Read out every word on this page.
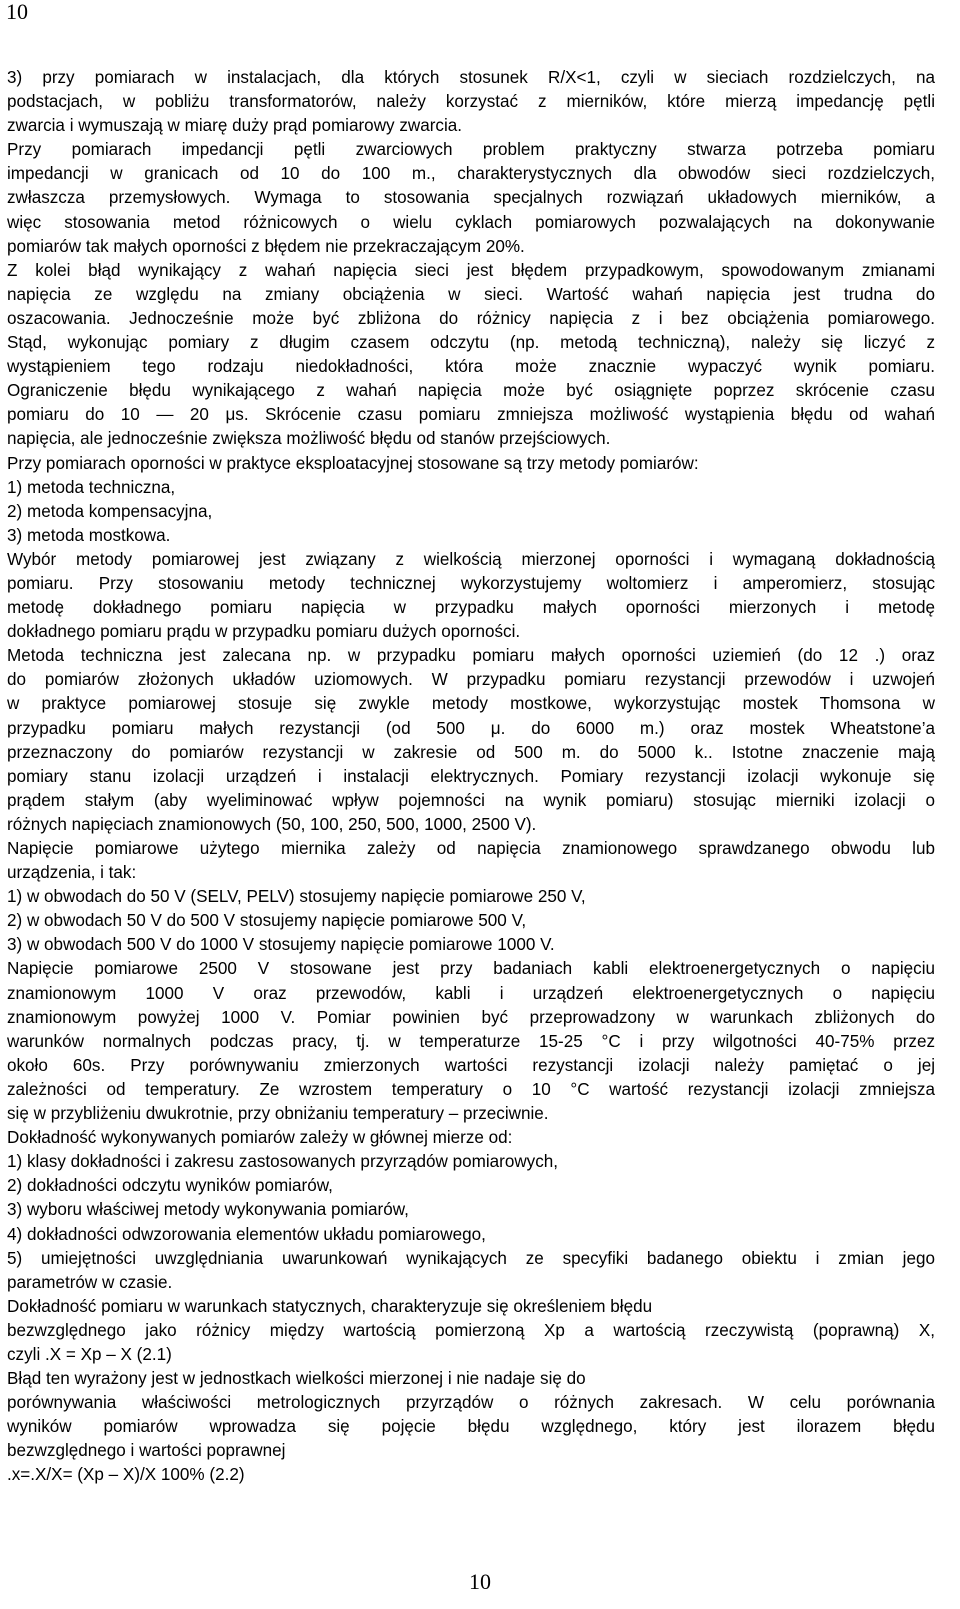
10
3) przy pomiarach w instalacjach, dla których stosunek R/X<1, czyli w sieciach rozdzielczych, na
podstacjach, w pobliżu transformatorów, należy korzystać z mierników, które mierzą impedancję pętli
zwarcia i wymuszają w miarę duży prąd pomiarowy zwarcia.
Przy pomiarach impedancji pętli zwarciowych problem praktyczny stwarza potrzeba pomiaru
impedancji w granicach od 10 do 100 m., charakterystycznych dla obwodów sieci rozdzielczych,
zwłaszcza przemysłowych. Wymaga to stosowania specjalnych rozwiązań układowych mierników, a
więc stosowania metod różnicowych o wielu cyklach pomiarowych pozwalających na dokonywanie
pomiarów tak małych oporności z błędem nie przekraczającym 20%.
Z kolei błąd wynikający z wahań napięcia sieci jest błędem przypadkowym, spowodowanym zmianami
napięcia ze względu na zmiany obciążenia w sieci. Wartość wahań napięcia jest trudna do
oszacowania. Jednocześnie może być zbliżona do różnicy napięcia z i bez obciążenia pomiarowego.
Stąd, wykonując pomiary z długim czasem odczytu (np. metodą techniczną), należy się liczyć z
wystąpieniem tego rodzaju niedokładności, która może znacznie wypaczyć wynik pomiaru.
Ograniczenie błędu wynikającego z wahań napięcia może być osiągnięte poprzez skrócenie czasu
pomiaru do 10 — 20 μs. Skrócenie czasu pomiaru zmniejsza możliwość wystąpienia błędu od wahań
napięcia, ale jednocześnie zwiększa możliwość błędu od stanów przejściowych.
Przy pomiarach oporności w praktyce eksploatacyjnej stosowane są trzy metody pomiarów:
1) metoda techniczna,
2) metoda kompensacyjna,
3) metoda mostkowa.
Wybór metody pomiarowej jest związany z wielkością mierzonej oporności i wymaganą dokładnością
pomiaru. Przy stosowaniu metody technicznej wykorzystujemy woltomierz i amperomierz, stosując
metodę dokładnego pomiaru napięcia w przypadku małych oporności mierzonych i metodę
dokładnego pomiaru prądu w przypadku pomiaru dużych oporności.
Metoda techniczna jest zalecana np. w przypadku pomiaru małych oporności uziemień (do 12 .) oraz
do pomiarów złożonych układów uziomowych. W przypadku pomiaru rezystancji przewodów i uzwojeń
w praktyce pomiarowej stosuje się zwykle metody mostkowe, wykorzystując mostek Thomsona w
przypadku pomiaru małych rezystancji (od 500 μ. do 6000 m.) oraz mostek Wheatstone’a
przeznaczony do pomiarów rezystancji w zakresie od 500 m. do 5000 k.. Istotne znaczenie mają
pomiary stanu izolacji urządzeń i instalacji elektrycznych. Pomiary rezystancji izolacji wykonuje się
prądem stałym (aby wyeliminować wpływ pojemności na wynik pomiaru) stosując mierniki izolacji o
różnych napięciach znamionowych (50, 100, 250, 500, 1000, 2500 V).
Napięcie pomiarowe użytego miernika zależy od napięcia znamionowego sprawdzanego obwodu lub
urządzenia, i tak:
1) w obwodach do 50 V (SELV, PELV) stosujemy napięcie pomiarowe 250 V,
2) w obwodach 50 V do 500 V stosujemy napięcie pomiarowe 500 V,
3) w obwodach 500 V do 1000 V stosujemy napięcie pomiarowe 1000 V.
Napięcie pomiarowe 2500 V stosowane jest przy badaniach kabli elektroenergetycznych o napięciu
znamionowym 1000 V oraz przewodów, kabli i urządzeń elektroenergetycznych o napięciu
znamionowym powyżej 1000 V. Pomiar powinien być przeprowadzony w warunkach zbliżonych do
warunków normalnych podczas pracy, tj. w temperaturze 15-25 °C i przy wilgotności 40-75% przez
około 60s. Przy porównywaniu zmierzonych wartości rezystancji izolacji należy pamiętać o jej
zależności od temperatury. Ze wzrostem temperatury o 10 °C wartość rezystancji izolacji zmniejsza
się w przybliżeniu dwukrotnie, przy obniżaniu temperatury – przeciwnie.
Dokładność wykonywanych pomiarów zależy w głównej mierze od:
1) klasy dokładności i zakresu zastosowanych przyrządów pomiarowych,
2) dokładności odczytu wyników pomiarów,
3) wyboru właściwej metody wykonywania pomiarów,
4) dokładności odwzorowania elementów układu pomiarowego,
5) umiejętności uwzględniania uwarunkowań wynikających ze specyfiki badanego obiektu i zmian jego
parametrów w czasie.
Dokładność pomiaru w warunkach statycznych, charakteryzuje się określeniem błędu
bezwzględnego jako różnicy między wartością pomierzoną Xp a wartością rzeczywistą (poprawną) X,
czyli .X = Xp – X (2.1)
Błąd ten wyrażony jest w jednostkach wielkości mierzonej i nie nadaje się do
porównywania właściwości metrologicznych przyrządów o różnych zakresach. W celu porównania
wyników pomiarów wprowadza się pojęcie błędu względnego, który jest ilorazem błędu
bezwzględnego i wartości poprawnej
.x=.X/X= (Xp – X)/X 100% (2.2)
10
